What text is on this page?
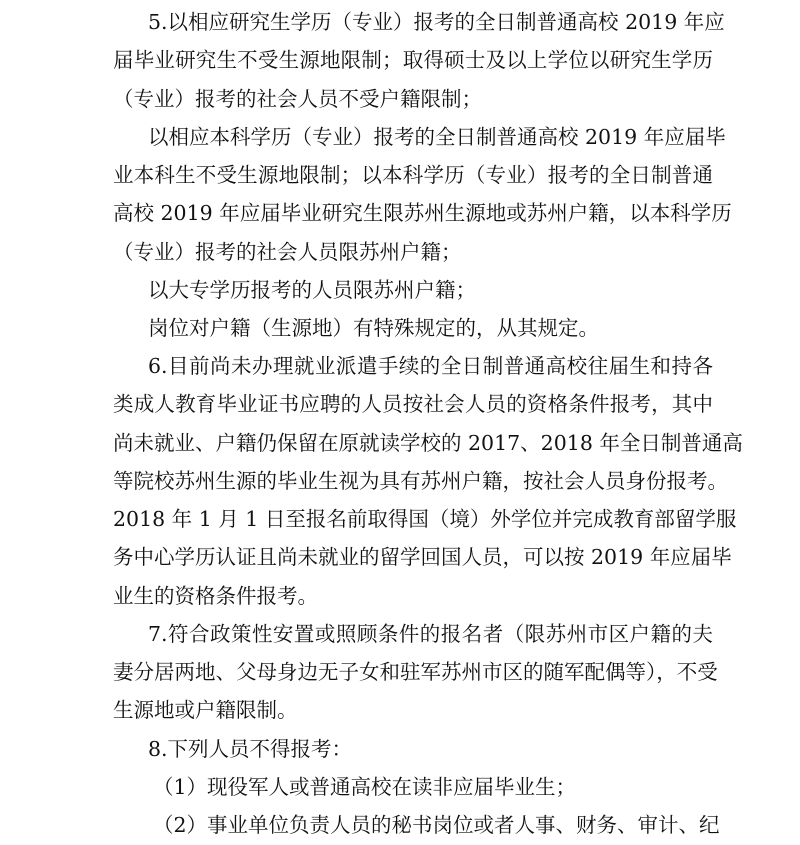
5.以相应研究生学历（专业）报考的全日制普通高校 2019 年应
届毕业研究生不受生源地限制；取得硕士及以上学位以研究生学历
（专业）报考的社会人员不受户籍限制；
以相应本科学历（专业）报考的全日制普通高校 2019 年应届毕
业本科生不受生源地限制；以本科学历（专业）报考的全日制普通
高校 2019 年应届毕业研究生限苏州生源地或苏州户籍，以本科学历
（专业）报考的社会人员限苏州户籍；
以大专学历报考的人员限苏州户籍；
岗位对户籍（生源地）有特殊规定的，从其规定。
6.目前尚未办理就业派遣手续的全日制普通高校往届生和持各
类成人教育毕业证书应聘的人员按社会人员的资格条件报考，其中
尚未就业、户籍仍保留在原就读学校的 2017、2018 年全日制普通高
等院校苏州生源的毕业生视为具有苏州户籍，按社会人员身份报考。
2018 年 1 月 1 日至报名前取得国（境）外学位并完成教育部留学服
务中心学历认证且尚未就业的留学回国人员，可以按 2019 年应届毕
业生的资格条件报考。
7.符合政策性安置或照顾条件的报名者（限苏州市区户籍的夫
妻分居两地、父母身边无子女和驻军苏州市区的随军配偶等），不受
生源地或户籍限制。
8.下列人员不得报考：
（1）现役军人或普通高校在读非应届毕业生；
（2）事业单位负责人员的秘书岗位或者人事、财务、审计、纪
